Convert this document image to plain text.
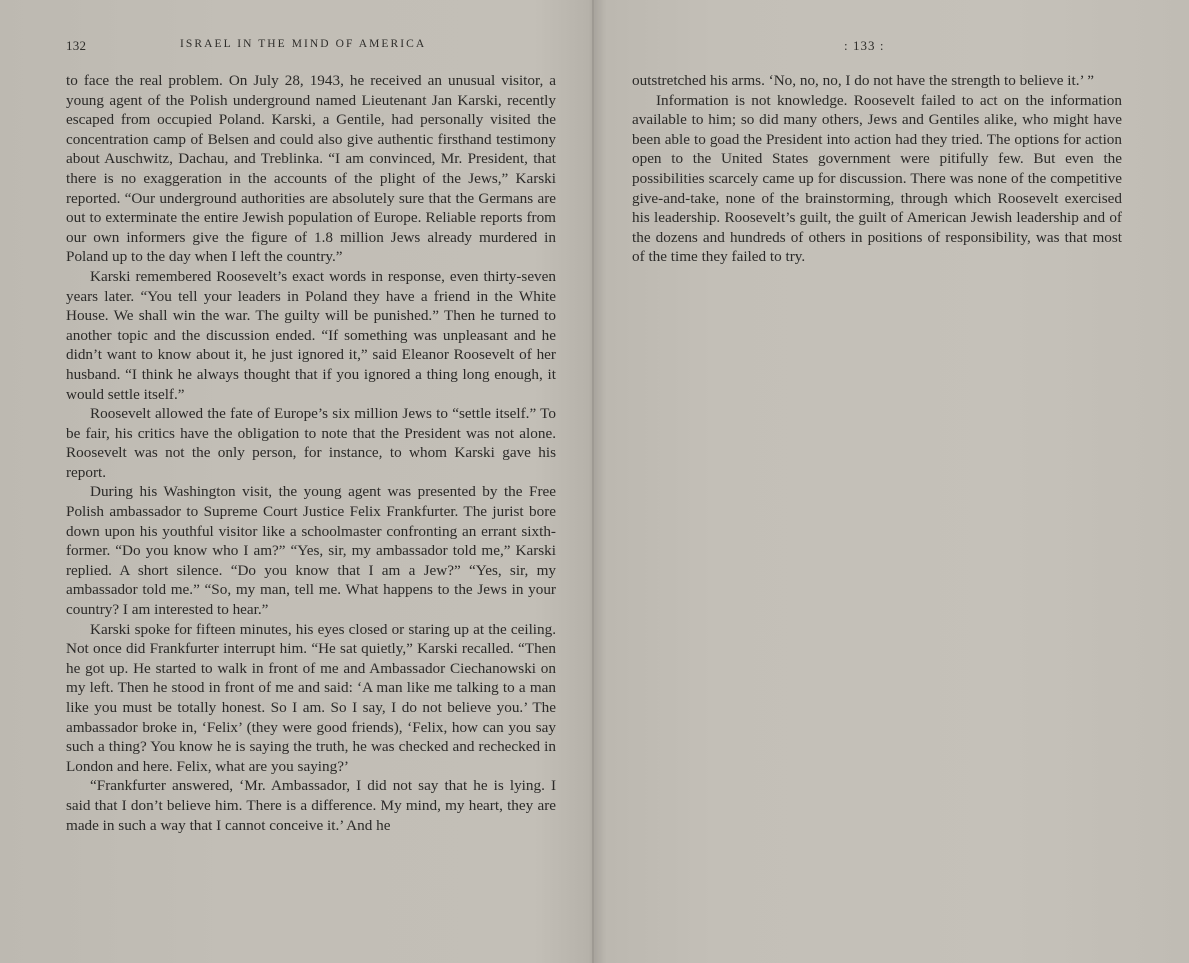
132	ISRAEL IN THE MIND OF AMERICA

to face the real problem. On July 28, 1943, he received an unusual visitor, a young agent of the Polish underground named Lieutenant Jan Karski, recently escaped from occupied Poland. Karski, a Gentile, had personally visited the concentration camp of Belsen and could also give authentic firsthand testimony about Auschwitz, Dachau, and Treblinka. “I am convinced, Mr. President, that there is no exaggeration in the accounts of the plight of the Jews,” Karski reported. “Our underground authorities are absolutely sure that the Germans are out to exterminate the entire Jewish population of Europe. Reliable reports from our own informers give the figure of 1.8 million Jews already murdered in Poland up to the day when I left the country.”

Karski remembered Roosevelt’s exact words in response, even thirty-seven years later. “You tell your leaders in Poland they have a friend in the White House. We shall win the war. The guilty will be punished.” Then he turned to another topic and the discussion ended. “If something was unpleasant and he didn’t want to know about it, he just ignored it,” said Eleanor Roosevelt of her husband. “I think he always thought that if you ignored a thing long enough, it would settle itself.”

Roosevelt allowed the fate of Europe’s six million Jews to “settle itself.” To be fair, his critics have the obligation to note that the President was not alone. Roosevelt was not the only person, for instance, to whom Karski gave his report.

During his Washington visit, the young agent was presented by the Free Polish ambassador to Supreme Court Justice Felix Frankfurter. The jurist bore down upon his youthful visitor like a schoolmaster confronting an errant sixth-former. “Do you know who I am?” “Yes, sir, my ambassador told me,” Karski replied. A short silence. “Do you know that I am a Jew?” “Yes, sir, my ambassador told me.” “So, my man, tell me. What happens to the Jews in your country? I am interested to hear.”

Karski spoke for fifteen minutes, his eyes closed or staring up at the ceiling. Not once did Frankfurter interrupt him. “He sat quietly,” Karski recalled. “Then he got up. He started to walk in front of me and Ambassador Ciechanowski on my left. Then he stood in front of me and said: ‘A man like me talking to a man like you must be totally honest. So I am. So I say, I do not believe you.’ The ambassador broke in, ‘Felix’ (they were good friends), ‘Felix, how can you say such a thing? You know he is saying the truth, he was checked and rechecked in London and here. Felix, what are you saying?’

“Frankfurter answered, ‘Mr. Ambassador, I did not say that he is lying. I said that I don’t believe him. There is a difference. My mind, my heart, they are made in such a way that I cannot conceive it.’ And he

: 133 :

outstretched his arms. ‘No, no, no, I do not have the strength to believe it.’ ”

Information is not knowledge. Roosevelt failed to act on the information available to him; so did many others, Jews and Gentiles alike, who might have been able to goad the President into action had they tried. The options for action open to the United States government were pitifully few. But even the possibilities scarcely came up for discussion. There was none of the competitive give-and-take, none of the brainstorming, through which Roosevelt exercised his leadership. Roosevelt’s guilt, the guilt of American Jewish leadership and of the dozens and hundreds of others in positions of responsibility, was that most of the time they failed to try.
